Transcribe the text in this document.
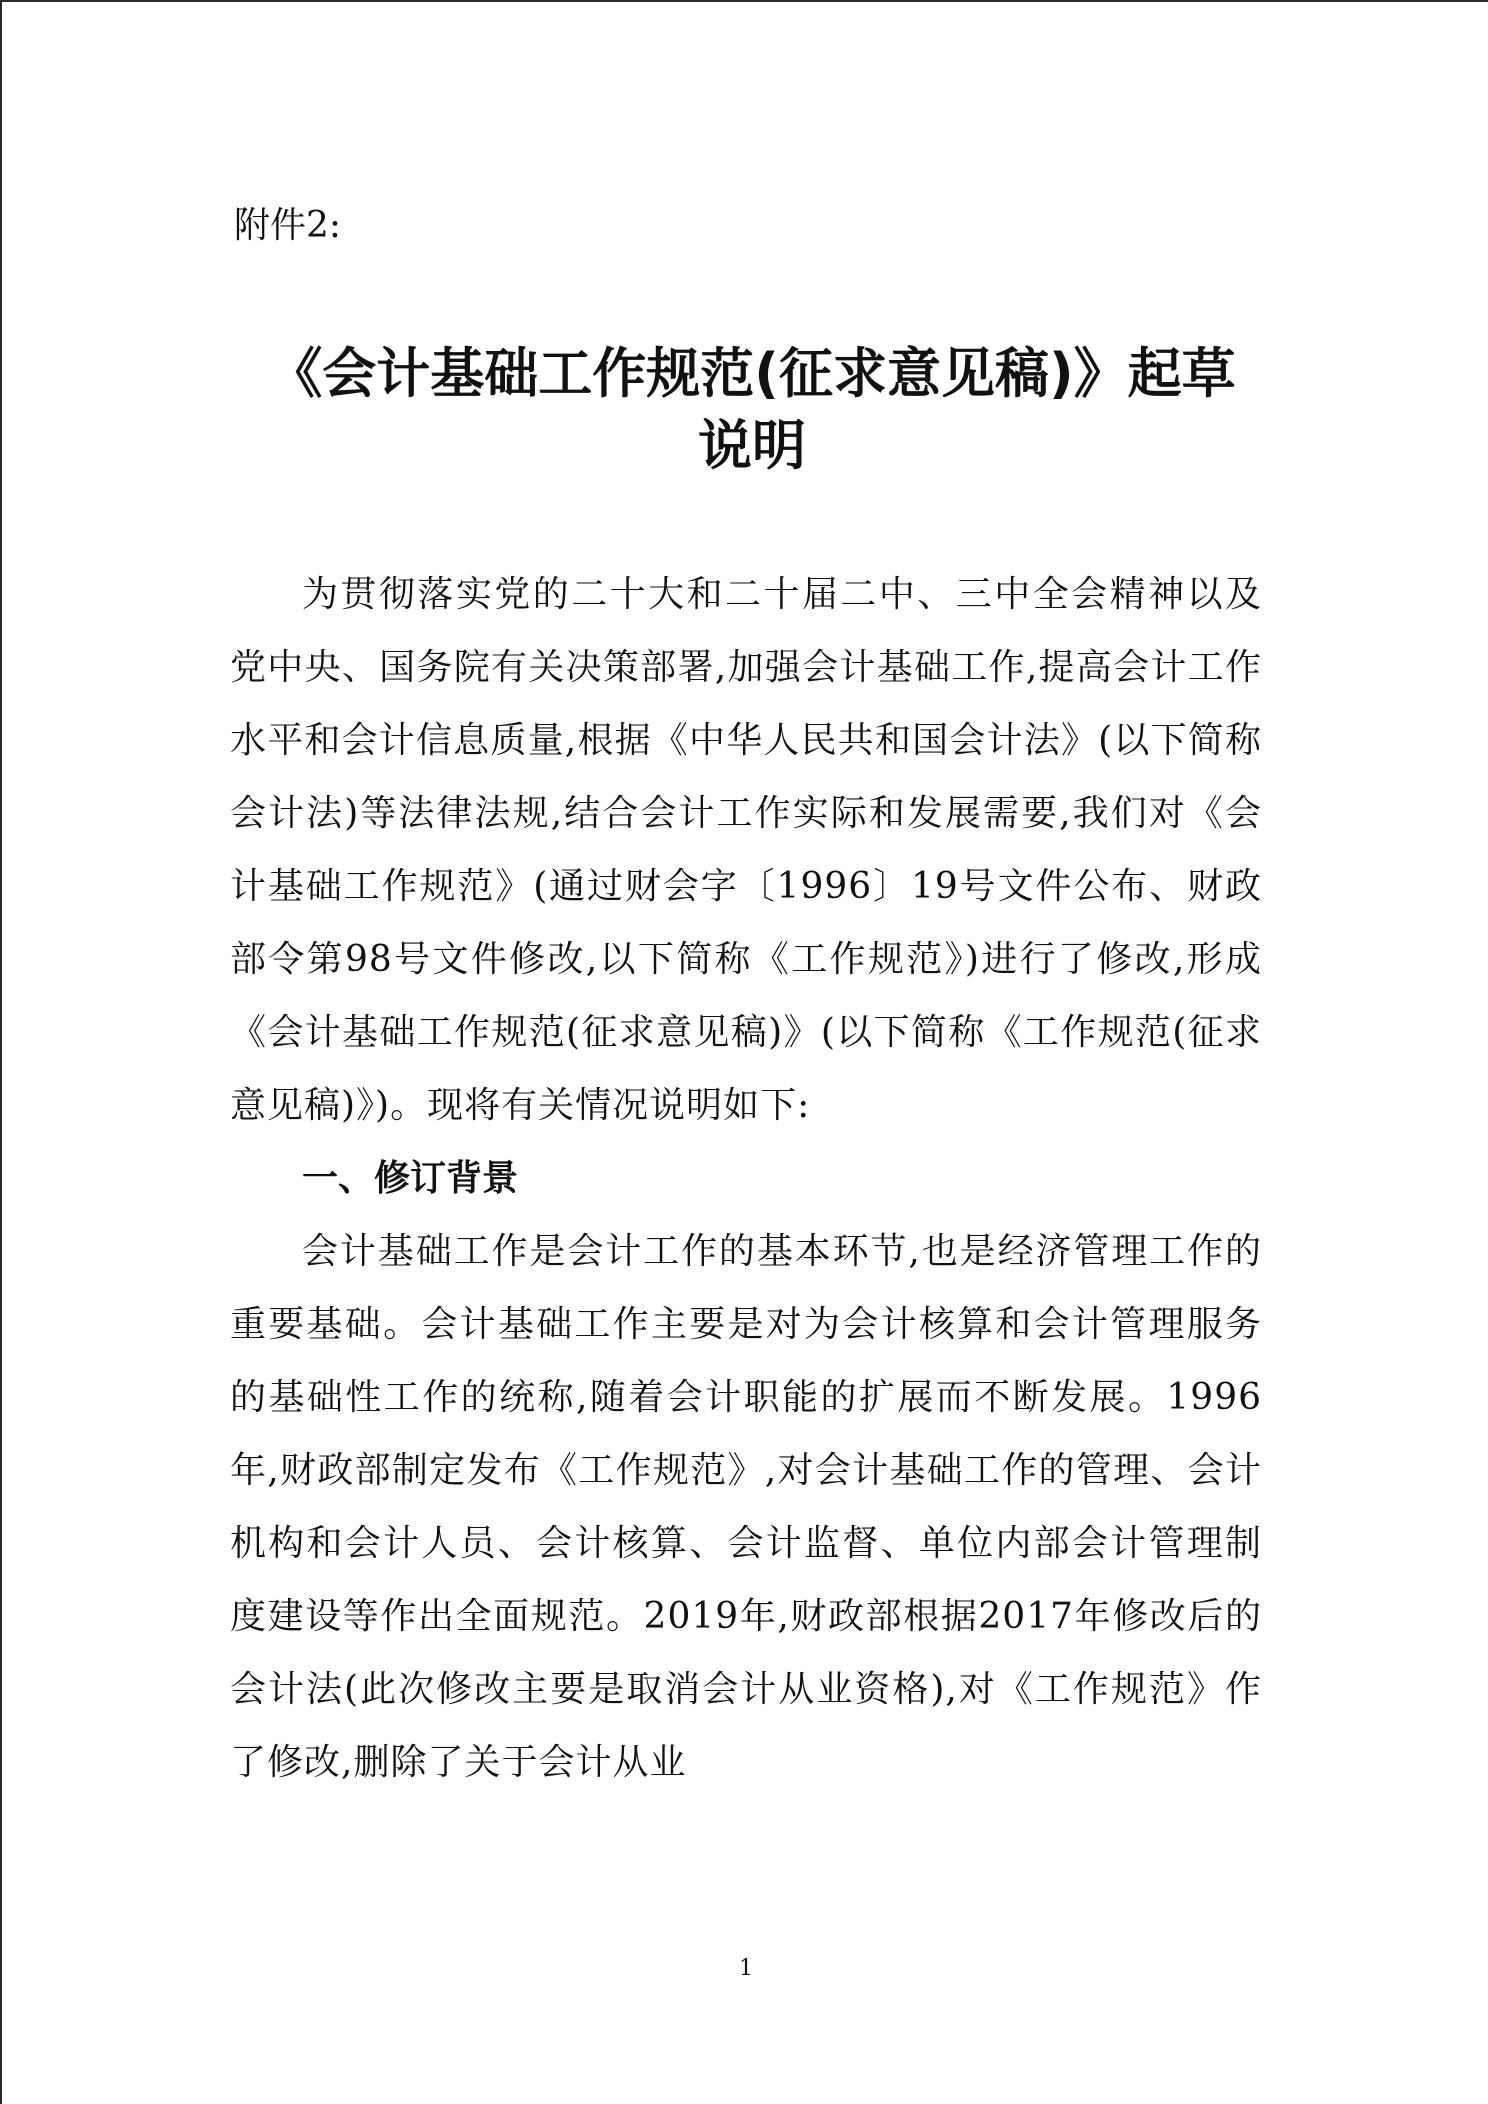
附件2:

《会计基础工作规范(征求意见稿)》起草
说明

为贯彻落实党的二十大和二十届二中、三中全会精神以及党中央、国务院有关决策部署,加强会计基础工作,提高会计工作水平和会计信息质量,根据《中华人民共和国会计法》(以下简称会计法)等法律法规,结合会计工作实际和发展需要,我们对《会计基础工作规范》(通过财会字〔1996〕19号文件公布、财政部令第98号文件修改,以下简称《工作规范》)进行了修改,形成《会计基础工作规范(征求意见稿)》(以下简称《工作规范(征求意见稿)》)。现将有关情况说明如下:

一、修订背景

会计基础工作是会计工作的基本环节,也是经济管理工作的重要基础。会计基础工作主要是对为会计核算和会计管理服务的基础性工作的统称,随着会计职能的扩展而不断发展。1996年,财政部制定发布《工作规范》,对会计基础工作的管理、会计机构和会计人员、会计核算、会计监督、单位内部会计管理制度建设等作出全面规范。2019年,财政部根据2017年修改后的会计法(此次修改主要是取消会计从业资格),对《工作规范》作了修改,删除了关于会计从业

1
